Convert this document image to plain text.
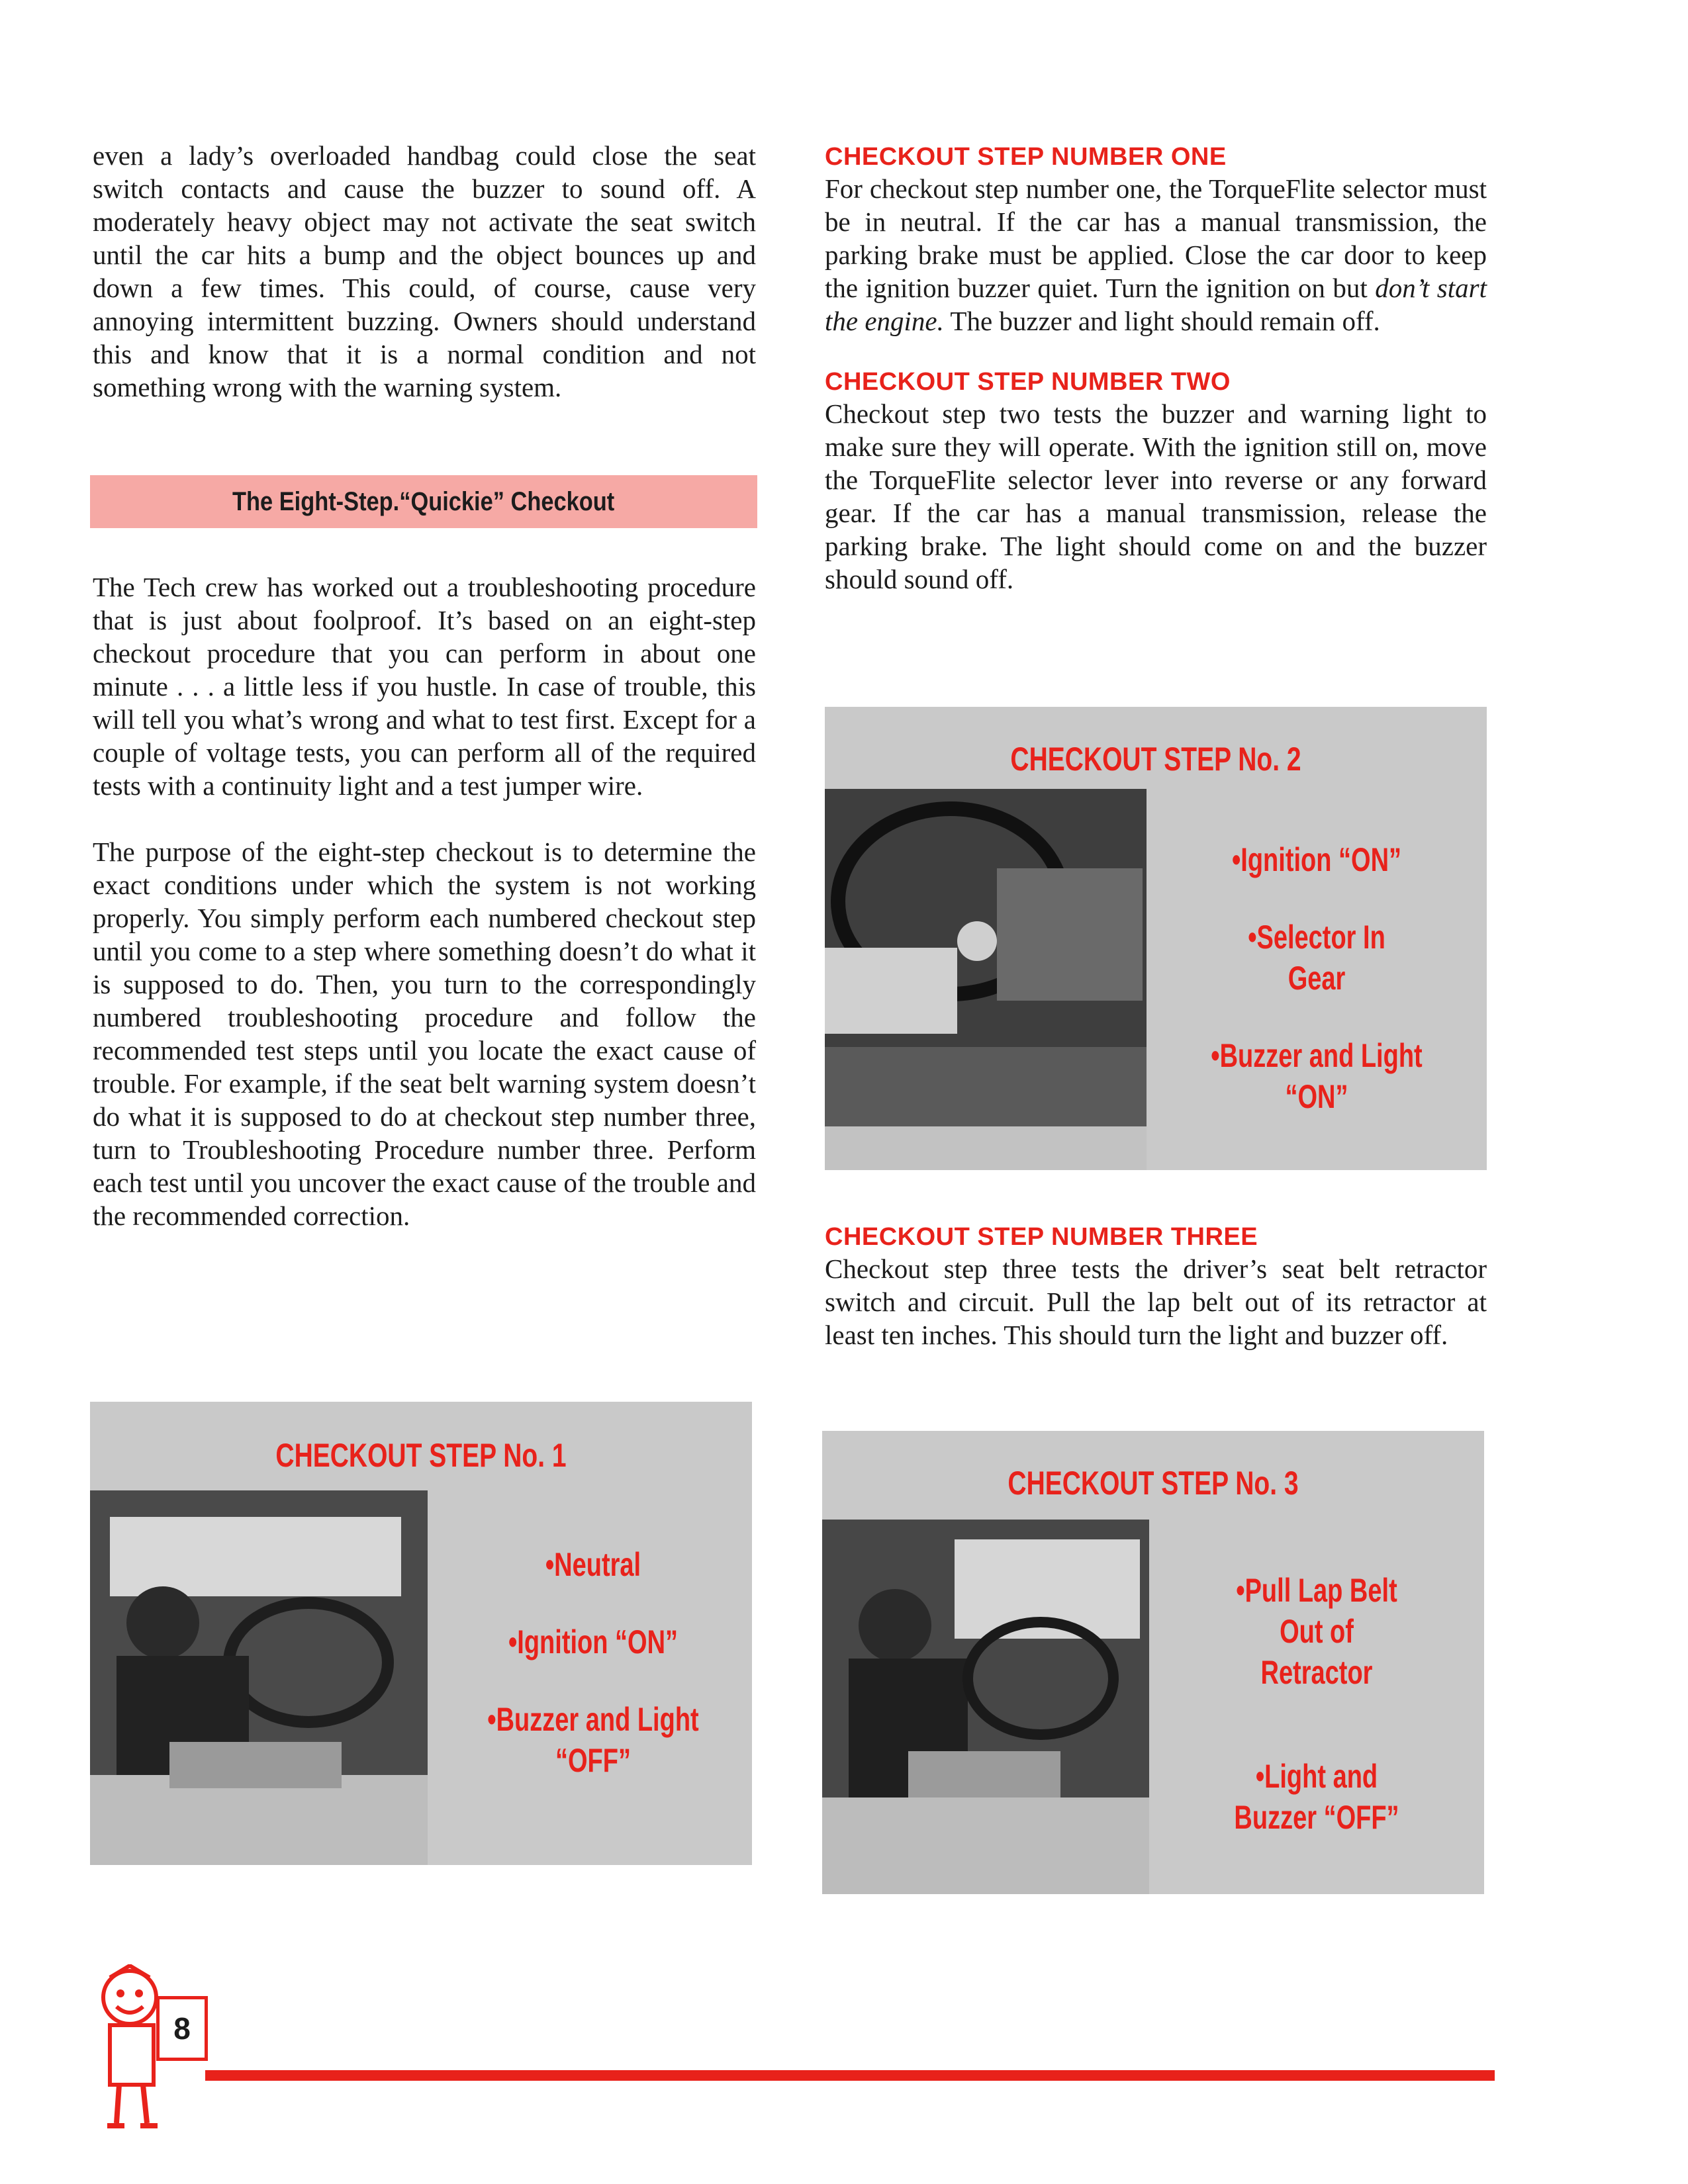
even a lady’s overloaded handbag could close the seat switch contacts and cause the buzzer to sound off. A moderately heavy object may not activate the seat switch until the car hits a bump and the object bounces up and down a few times. This could, of course, cause very annoying intermittent buzzing. Owners should understand this and know that it is a normal condition and not something wrong with the warning system.

The Eight-Step.“Quickie” Checkout

The Tech crew has worked out a troubleshooting procedure that is just about foolproof. It’s based on an eight-step checkout procedure that you can perform in about one minute . . . a little less if you hustle. In case of trouble, this will tell you what’s wrong and what to test first. Except for a couple of voltage tests, you can perform all of the required tests with a continuity light and a test jumper wire.

The purpose of the eight-step checkout is to determine the exact conditions under which the system is not working properly. You simply perform each numbered checkout step until you come to a step where something doesn’t do what it is supposed to do. Then, you turn to the correspondingly numbered troubleshooting procedure and follow the recommended test steps until you locate the exact cause of trouble. For example, if the seat belt warning system doesn’t do what it is supposed to do at checkout step number three, turn to Troubleshooting Procedure number three. Perform each test until you uncover the exact cause of the trouble and the recommended correction.

CHECKOUT STEP No. 1
•Neutral
•Ignition “ON”
•Buzzer and Light
“OFF”

CHECKOUT STEP NUMBER ONE

For checkout step number one, the TorqueFlite selector must be in neutral. If the car has a manual transmission, the parking brake must be applied. Close the car door to keep the ignition buzzer quiet. Turn the ignition on but don’t start the engine. The buzzer and light should remain off.

CHECKOUT STEP NUMBER TWO

Checkout step two tests the buzzer and warning light to make sure they will operate. With the ignition still on, move the TorqueFlite selector lever into reverse or any forward gear. If the car has a manual transmission, release the parking brake. The light should come on and the buzzer should sound off.

CHECKOUT STEP No. 2
•Ignition “ON”
•Selector In
Gear
•Buzzer and Light
“ON”

CHECKOUT STEP NUMBER THREE

Checkout step three tests the driver’s seat belt retractor switch and circuit. Pull the lap belt out of its retractor at least ten inches. This should turn the light and buzzer off.

CHECKOUT STEP No. 3
•Pull Lap Belt
Out of
Retractor
•Light and
Buzzer “OFF”
8
